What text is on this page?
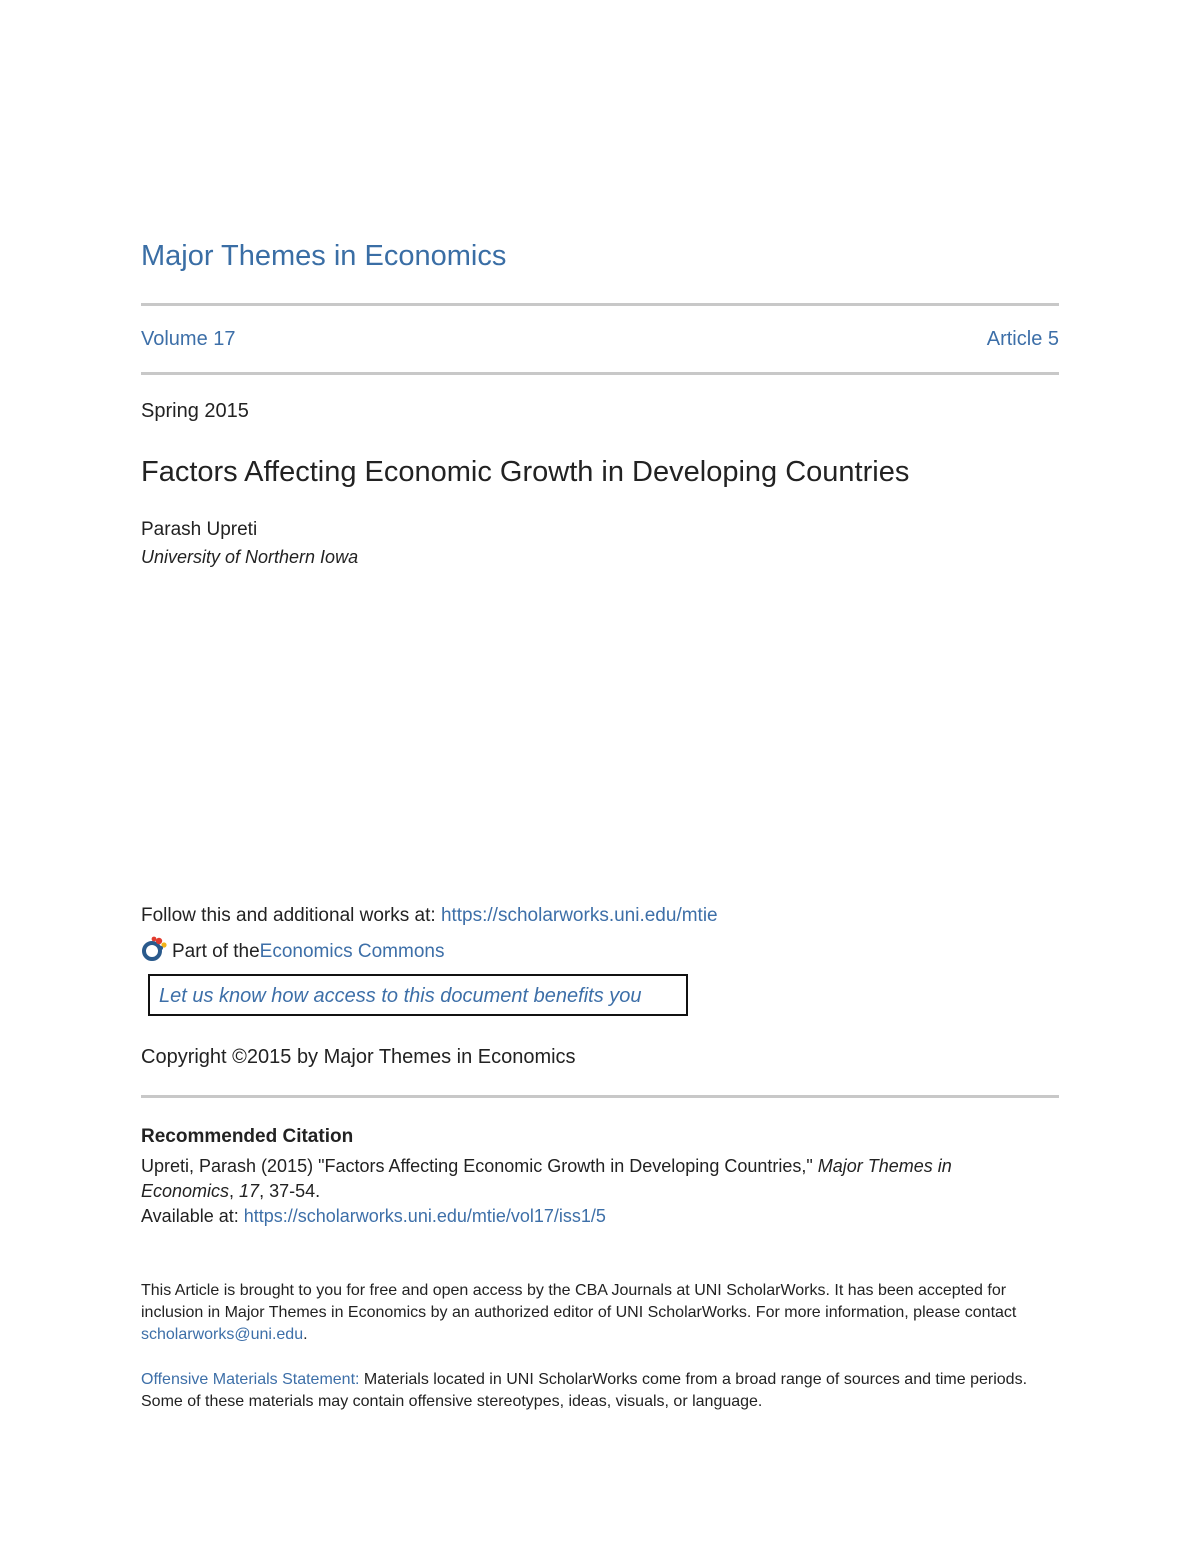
Major Themes in Economics
Volume 17	Article 5
Spring 2015
Factors Affecting Economic Growth in Developing Countries
Parash Upreti
University of Northern Iowa
Follow this and additional works at: https://scholarworks.uni.edu/mtie
Part of the Economics Commons
Let us know how access to this document benefits you
Copyright ©2015 by Major Themes in Economics
Recommended Citation
Upreti, Parash (2015) "Factors Affecting Economic Growth in Developing Countries," Major Themes in Economics, 17, 37-54.
Available at: https://scholarworks.uni.edu/mtie/vol17/iss1/5
This Article is brought to you for free and open access by the CBA Journals at UNI ScholarWorks. It has been accepted for inclusion in Major Themes in Economics by an authorized editor of UNI ScholarWorks. For more information, please contact scholarworks@uni.edu.
Offensive Materials Statement: Materials located in UNI ScholarWorks come from a broad range of sources and time periods. Some of these materials may contain offensive stereotypes, ideas, visuals, or language.
